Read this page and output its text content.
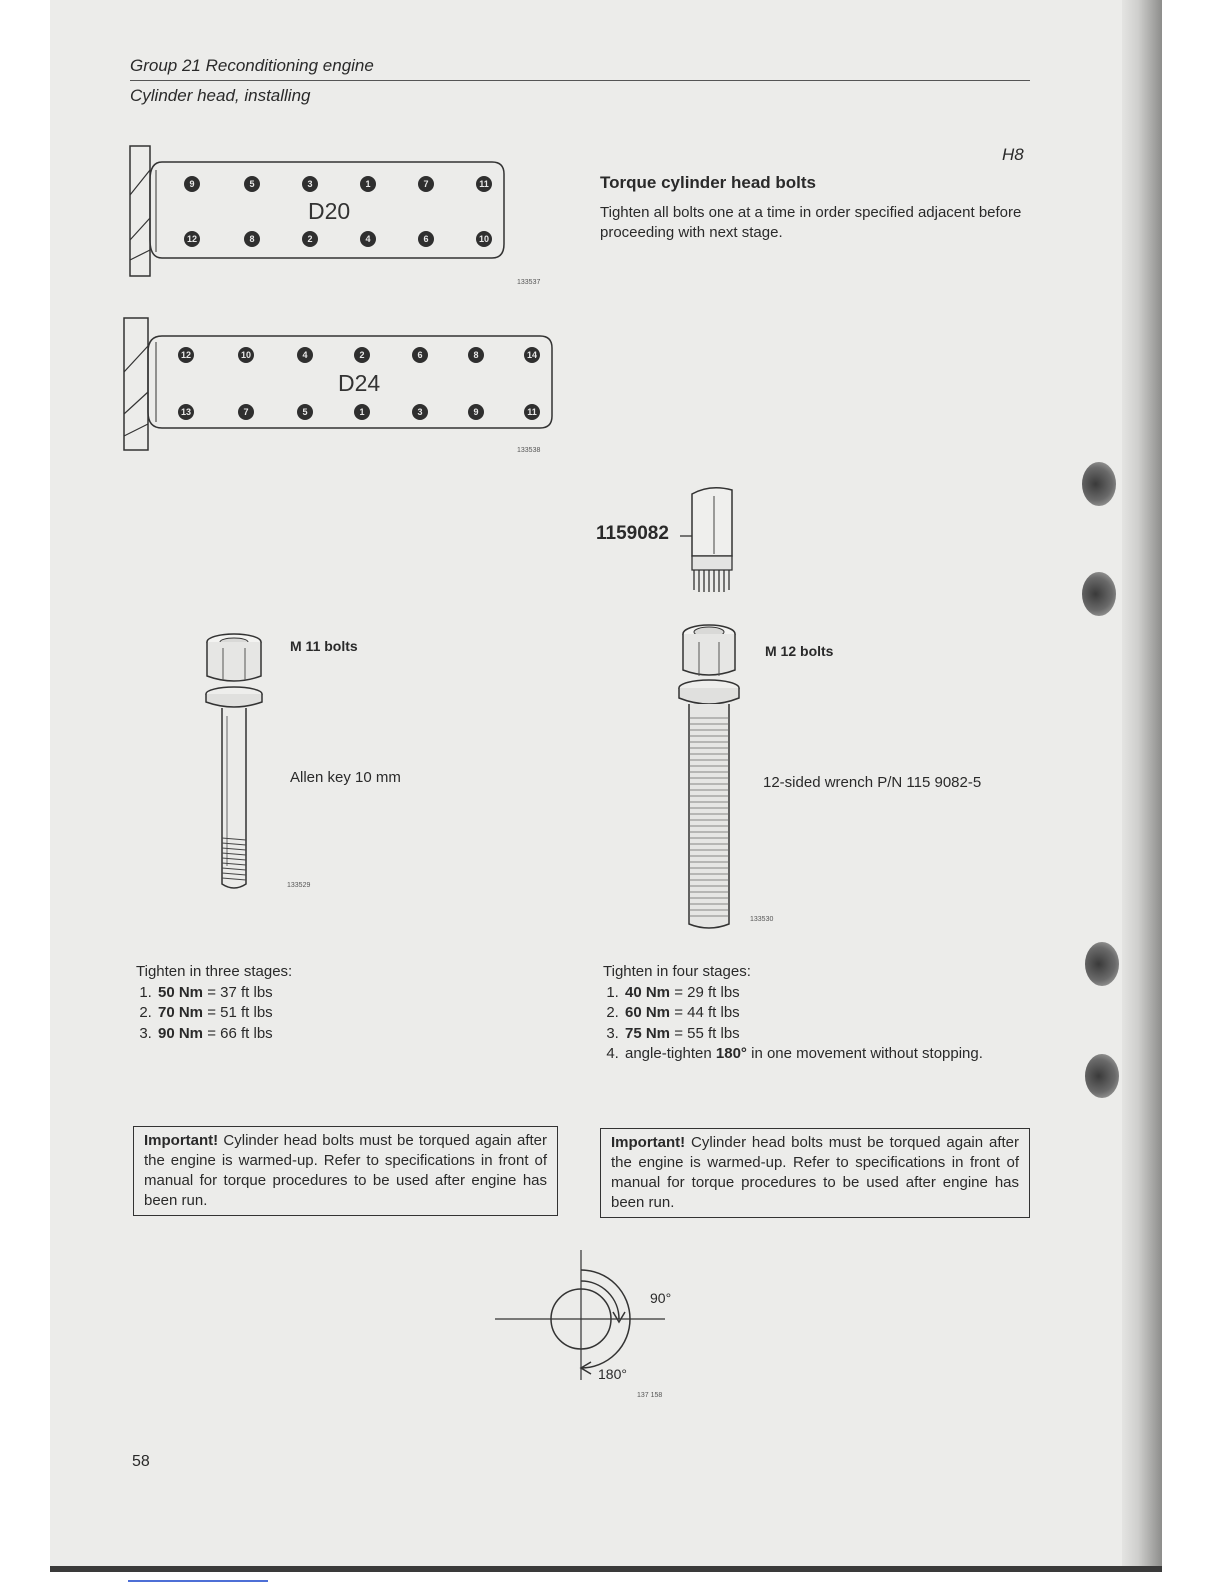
Group 21 Reconditioning engine
Cylinder head, installing
H8
Torque cylinder head bolts
Tighten all bolts one at a time in order specified adjacent before proceeding with next stage.
9	5	3	1	7	11
D20
12	8	2	4	6	10
133537
12	10	4	2	6	8	14
D24
13	7	5	1	3	9	11
133538
M 11 bolts
Allen key 10 mm
133529
1159082
M 12 bolts
12-sided wrench P/N 115 9082-5
133530
Tighten in three stages:
1. 50 Nm = 37 ft lbs
2. 70 Nm = 51 ft lbs
3. 90 Nm = 66 ft lbs
Tighten in four stages:
1. 40 Nm = 29 ft lbs
2. 60 Nm = 44 ft lbs
3. 75 Nm = 55 ft lbs
4. angle-tighten 180° in one movement without stopping.
Important! Cylinder head bolts must be torqued again after the engine is warmed-up. Refer to specifications in front of manual for torque procedures to be used after engine has been run.
Important! Cylinder head bolts must be torqued again after the engine is warmed-up. Refer to specifications in front of manual for torque procedures to be used after engine has been run.
90°
180°
137 158
58
